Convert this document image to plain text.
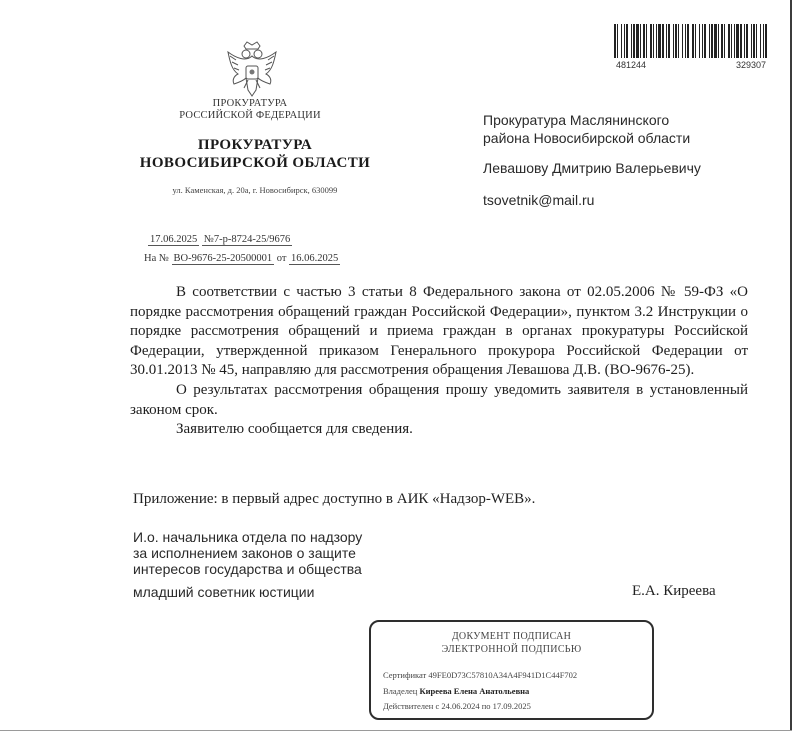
ПРОКУРАТУРА
РОССИЙСКОЙ ФЕДЕРАЦИИ
ПРОКУРАТУРА
НОВОСИБИРСКОЙ ОБЛАСТИ
ул. Каменская, д. 20а, г. Новосибирск, 630099
481244	329307
Прокуратура Маслянинского
района Новосибирской области
Левашову Дмитрию Валерьевичу
tsovetnik@mail.ru
17.06.2025 №7-р-8724-25/9676
На № ВО-9676-25-20500001 от 16.06.2025

В соответствии с частью 3 статьи 8 Федерального закона от 02.05.2006 № 59-ФЗ «О порядке рассмотрения обращений граждан Российской Федерации», пунктом 3.2 Инструкции о порядке рассмотрения обращений и приема граждан в органах прокуратуры Российской Федерации, утвержденной приказом Генерального прокурора Российской Федерации от 30.01.2013 № 45, направляю для рассмотрения обращения Левашова Д.В. (ВО-9676-25).

О результатах рассмотрения обращения прошу уведомить заявителя в установленный законом срок.

Заявителю сообщается для сведения.

Приложение: в первый адрес доступно в АИК «Надзор-WEB».
И.о. начальника отдела по надзору
за исполнением законов о защите
интересов государства и общества
младший советник юстиции	Е.А. Киреева
ДОКУМЕНТ ПОДПИСАН
ЭЛЕКТРОННОЙ ПОДПИСЬЮ
Сертификат 49FE0D73C57810A34A4F941D1C44F702
Владелец Киреева Елена Анатольевна
Действителен с 24.06.2024 по 17.09.2025
